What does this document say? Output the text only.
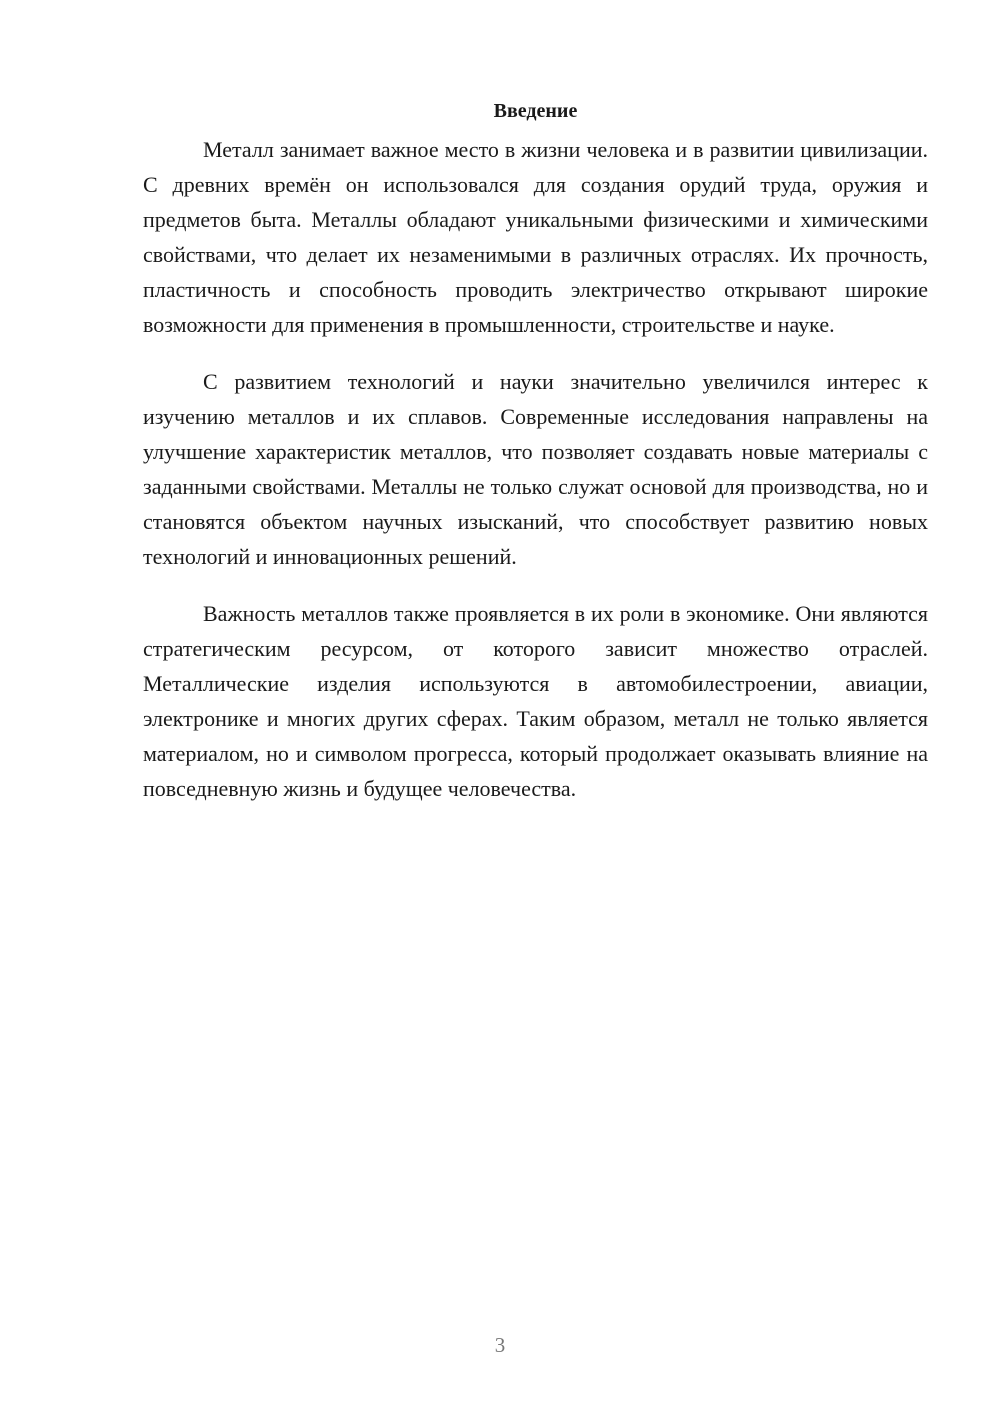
Введение

Металл занимает важное место в жизни человека и в развитии цивилизации. С древних времён он использовался для создания орудий труда, оружия и предметов быта. Металлы обладают уникальными физическими и химическими свойствами, что делает их незаменимыми в различных отраслях. Их прочность, пластичность и способность проводить электричество открывают широкие возможности для применения в промышленности, строительстве и науке.

С развитием технологий и науки значительно увеличился интерес к изучению металлов и их сплавов. Современные исследования направлены на улучшение характеристик металлов, что позволяет создавать новые материалы с заданными свойствами. Металлы не только служат основой для производства, но и становятся объектом научных изысканий, что способствует развитию новых технологий и инновационных решений.

Важность металлов также проявляется в их роли в экономике. Они являются стратегическим ресурсом, от которого зависит множество отраслей. Металлические изделия используются в автомобилестроении, авиации, электронике и многих других сферах. Таким образом, металл не только является материалом, но и символом прогресса, который продолжает оказывать влияние на повседневную жизнь и будущее человечества.

3
